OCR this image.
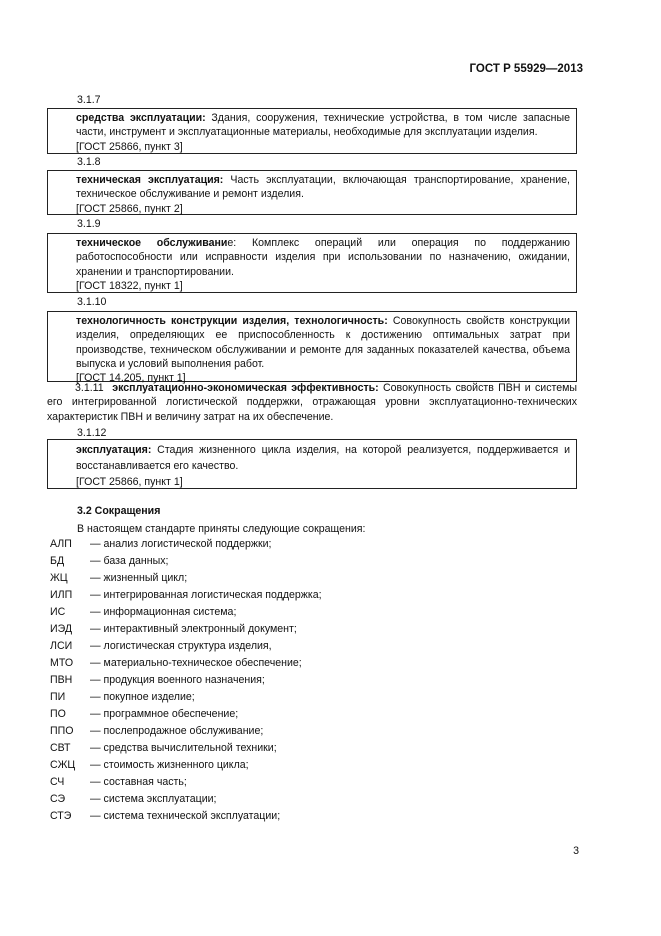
ГОСТ Р 55929—2013
3.1.7
средства эксплуатации: Здания, сооружения, технические устройства, в том числе запасные части, инструмент и эксплуатационные материалы, необходимые для эксплуатации изделия.
[ГОСТ 25866, пункт 3]
3.1.8
техническая эксплуатация: Часть эксплуатации, включающая транспортирование, хранение, техническое обслуживание и ремонт изделия.
[ГОСТ 25866, пункт 2]
3.1.9
техническое обслуживание: Комплекс операций или операция по поддержанию работоспособности или исправности изделия при использовании по назначению, ожидании, хранении и транспортировании.
[ГОСТ 18322, пункт 1]
3.1.10
технологичность конструкции изделия, технологичность: Совокупность свойств конструкции изделия, определяющих ее приспособленность к достижению оптимальных затрат при производстве, техническом обслуживании и ремонте для заданных показателей качества, объема выпуска и условий выполнения работ.
[ГОСТ 14.205, пункт 1]
3.1.11 эксплуатационно-экономическая эффективность: Совокупность свойств ПВН и системы его интегрированной логистической поддержки, отражающая уровни эксплуатационно-технических характеристик ПВН и величину затрат на их обеспечение.
3.1.12
эксплуатация: Стадия жизненного цикла изделия, на которой реализуется, поддерживается и восстанавливается его качество.
[ГОСТ 25866, пункт 1]
3.2 Сокращения
В настоящем стандарте приняты следующие сокращения:
АЛП — анализ логистической поддержки;
БД — база данных;
ЖЦ — жизненный цикл;
ИЛП — интегрированная логистическая поддержка;
ИС — информационная система;
ИЭД — интерактивный электронный документ;
ЛСИ — логистическая структура изделия,
МТО — материально-техническое обеспечение;
ПВН — продукция военного назначения;
ПИ — покупное изделие;
ПО — программное обеспечение;
ППО — послепродажное обслуживание;
СВТ — средства вычислительной техники;
СЖЦ — стоимость жизненного цикла;
СЧ — составная часть;
СЭ — система эксплуатации;
СТЭ — система технической эксплуатации;
3
